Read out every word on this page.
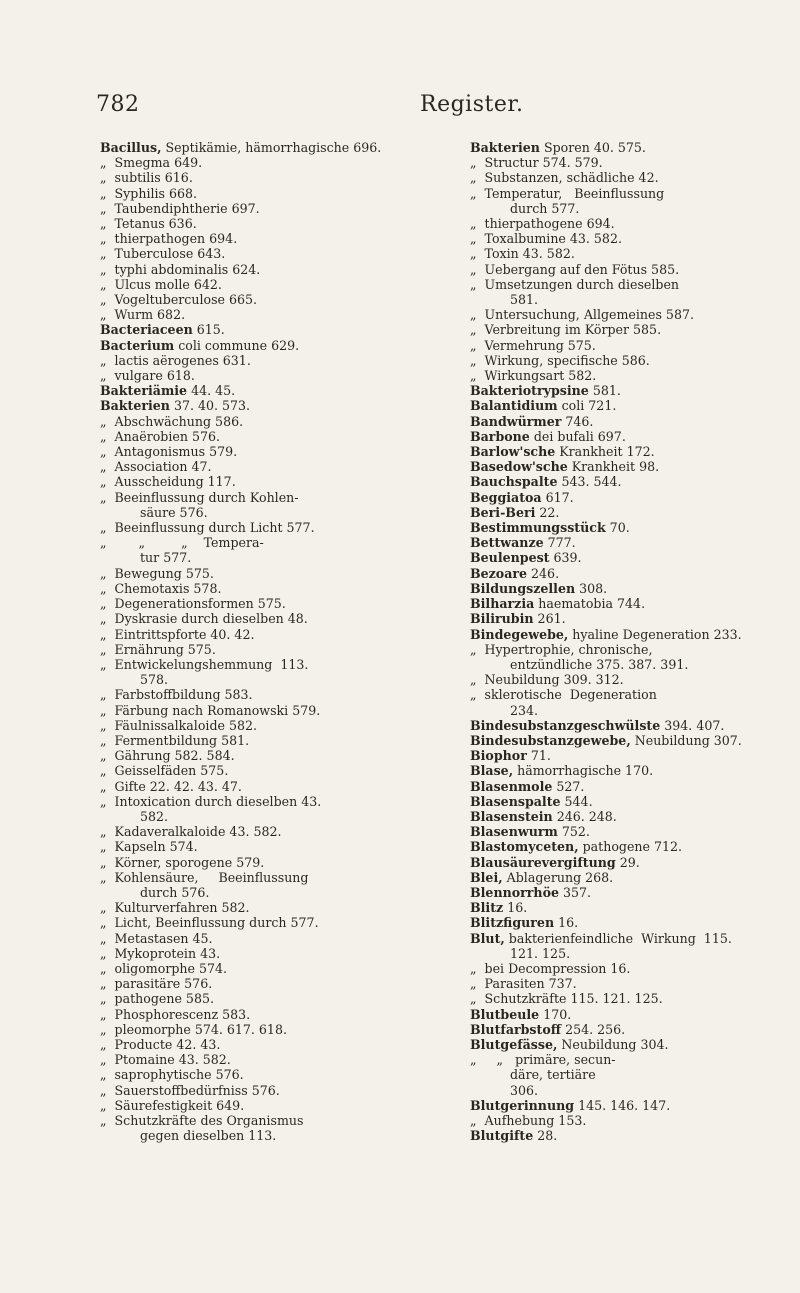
782	Register.

Bacillus, Septikämie, hämorrhagische 696.

„  Smegma 649.

„  subtilis 616.

„  Syphilis 668.

„  Taubendiphtherie 697.

„  Tetanus 636.

„  thierpathogen 694.

„  Tuberculose 643.

„  typhi abdominalis 624.

„  Ulcus molle 642.

„  Vogeltuberculose 665.

„  Wurm 682.

Bacteriaceen 615.

Bacterium coli commune 629.

„  lactis aërogenes 631.

„  vulgare 618.

Bakteriämie 44. 45.

Bakterien 37. 40. 573.

„  Abschwächung 586.

„  Anaërobien 576.

„  Antagonismus 579.

„  Association 47.

„  Ausscheidung 117.

„  Beeinflussung durch Kohlen-

säure 576.

„  Beeinflussung durch Licht 577.

„        „         „    Tempera-

tur 577.

„  Bewegung 575.

„  Chemotaxis 578.

„  Degenerationsformen 575.

„  Dyskrasie durch dieselben 48.

„  Eintrittspforte 40. 42.

„  Ernährung 575.

„  Entwickelungshemmung  113.

578.

„  Farbstoffbildung 583.

„  Färbung nach Romanowski 579.

„  Fäulnissalkaloide 582.

„  Fermentbildung 581.

„  Gährung 582. 584.

„  Geisselfäden 575.

„  Gifte 22. 42. 43. 47.

„  Intoxication durch dieselben 43.

582.

„  Kadaveralkaloide 43. 582.

„  Kapseln 574.

„  Körner, sporogene 579.

„  Kohlensäure,     Beeinflussung

durch 576.

„  Kulturverfahren 582.

„  Licht, Beeinflussung durch 577.

„  Metastasen 45.

„  Mykoprotein 43.

„  oligomorphe 574.

„  parasitäre 576.

„  pathogene 585.

„  Phosphorescenz 583.

„  pleomorphe 574. 617. 618.

„  Producte 42. 43.

„  Ptomaine 43. 582.

„  saprophytische 576.

„  Sauerstoffbedürfniss 576.

„  Säurefestigkeit 649.

„  Schutzkräfte des Organismus

gegen dieselben 113.

Bakterien Sporen 40. 575.

„  Structur 574. 579.

„  Substanzen, schädliche 42.

„  Temperatur,   Beeinflussung

durch 577.

„  thierpathogene 694.

„  Toxalbumine 43. 582.

„  Toxin 43. 582.

„  Uebergang auf den Fötus 585.

„  Umsetzungen durch dieselben

581.

„  Untersuchung, Allgemeines 587.

„  Verbreitung im Körper 585.

„  Vermehrung 575.

„  Wirkung, specifische 586.

„  Wirkungsart 582.

Bakteriotrypsine 581.

Balantidium coli 721.

Bandwürmer 746.

Barbone dei bufali 697.

Barlow'sche Krankheit 172.

Basedow'sche Krankheit 98.

Bauchspalte 543. 544.

Beggiatoa 617.

Beri-Beri 22.

Bestimmungsstück 70.

Bettwanze 777.

Beulenpest 639.

Bezoare 246.

Bildungszellen 308.

Bilharzia haematobia 744.

Bilirubin 261.

Bindegewebe, hyaline Degeneration 233.

„  Hypertrophie, chronische,

entzündliche 375. 387. 391.

„  Neubildung 309. 312.

„  sklerotische  Degeneration

234.

Bindesubstanzgeschwülste 394. 407.

Bindesubstanzgewebe, Neubildung 307.

Biophor 71.

Blase, hämorrhagische 170.

Blasenmole 527.

Blasenspalte 544.

Blasenstein 246. 248.

Blasenwurm 752.

Blastomyceten, pathogene 712.

Blausäurevergiftung 29.

Blei, Ablagerung 268.

Blennorrhöe 357.

Blitz 16.

Blitzfiguren 16.

Blut, bakterienfeindliche  Wirkung  115.

121. 125.

„  bei Decompression 16.

„  Parasiten 737.

„  Schutzkräfte 115. 121. 125.

Blutbeule 170.

Blutfarbstoff 254. 256.

Blutgefässe, Neubildung 304.

„     „   primäre, secun-

däre, tertiäre

306.

Blutgerinnung 145. 146. 147.

„  Aufhebung 153.

Blutgifte 28.
